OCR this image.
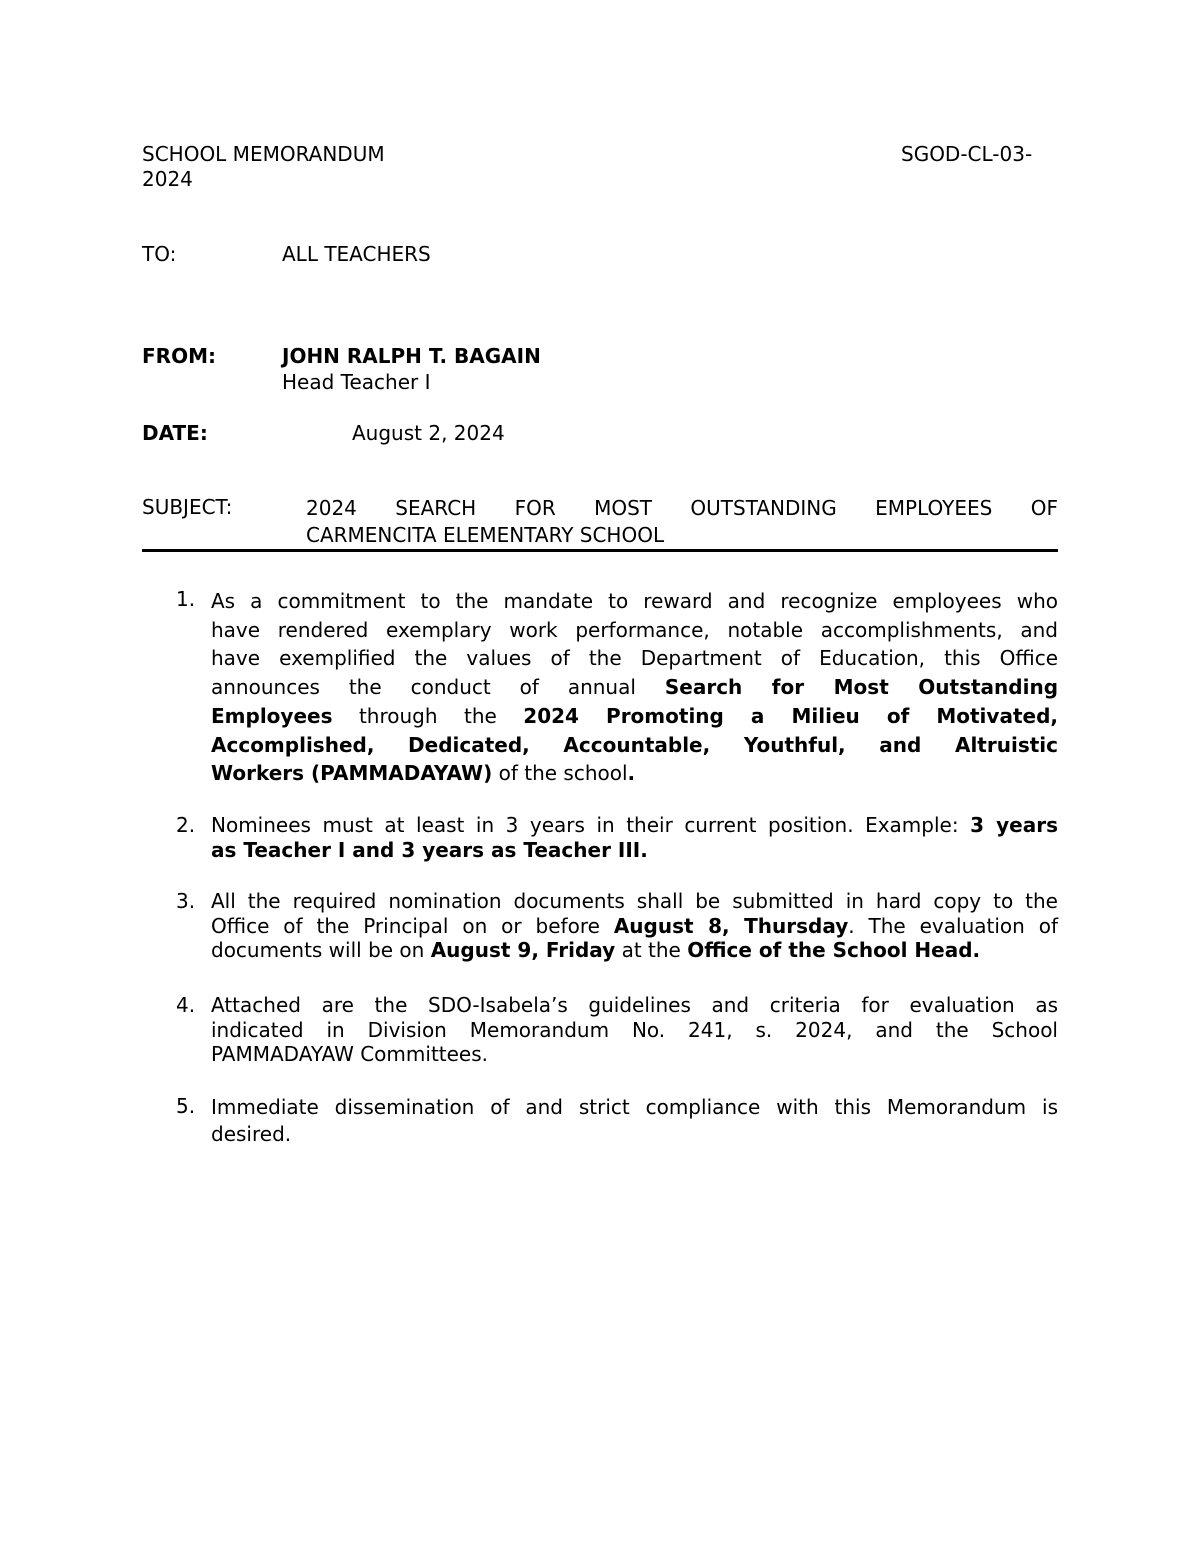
SCHOOL MEMORANDUM	SGOD-CL-03-
2024
TO:	ALL TEACHERS
FROM:	JOHN RALPH T. BAGAIN
Head Teacher I
DATE:	August 2, 2024
SUBJECT:	2024 SEARCH FOR MOST OUTSTANDING EMPLOYEES OF
CARMENCITA ELEMENTARY SCHOOL
1. As a commitment to the mandate to reward and recognize employees who
have rendered exemplary work performance, notable accomplishments, and
have exemplified the values of the Department of Education, this Office
announces the conduct of annual Search for Most Outstanding
Employees through the 2024 Promoting a Milieu of Motivated,
Accomplished, Dedicated, Accountable, Youthful, and Altruistic
Workers (PAMMADAYAW) of the school.
2. Nominees must at least in 3 years in their current position. Example: 3 years
as Teacher I and 3 years as Teacher III.
3. All the required nomination documents shall be submitted in hard copy to the
Office of the Principal on or before August 8, Thursday. The evaluation of
documents will be on August 9, Friday at the Office of the School Head.
4. Attached are the SDO-Isabela’s guidelines and criteria for evaluation as
indicated in Division Memorandum No. 241, s. 2024, and the School
PAMMADAYAW Committees.
5. Immediate dissemination of and strict compliance with this Memorandum is
desired.
